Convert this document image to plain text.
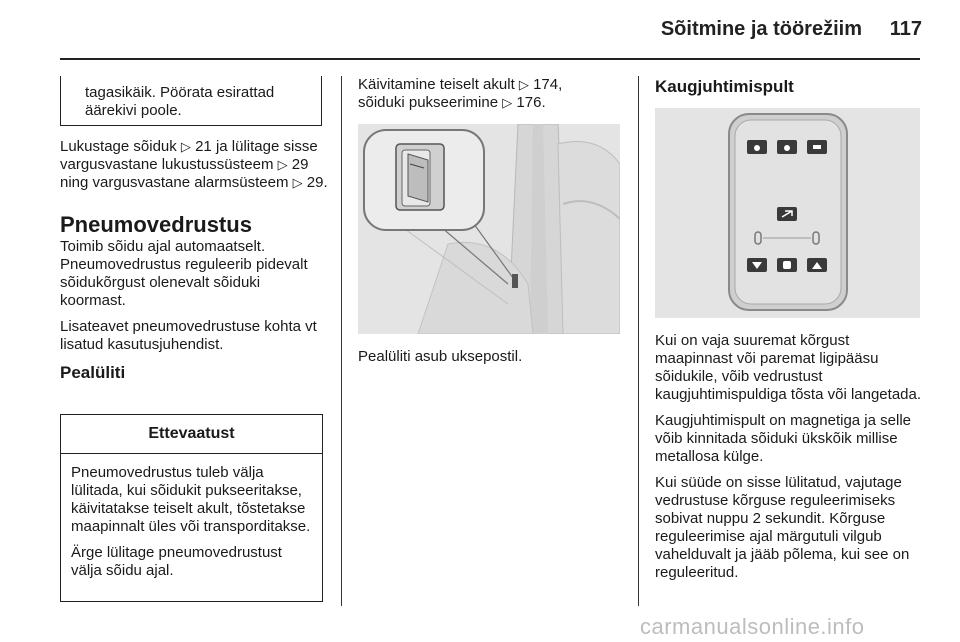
Sõitmine ja töörežiim	117
tagasikäik. Pöörata esirattad äärekivi poole.

Lukustage sõiduk ▷ 21 ja lülitage sisse vargusvastane lukustussüsteem ▷ 29 ning vargusvastane alarmsüsteem ▷ 29.

Pneumovedrustus
Toimib sõidu ajal automaatselt.

Pneumovedrustus reguleerib pidevalt sõidukõrgust olenevalt sõiduki koormast.

Lisateavet pneumovedrustuse kohta vt lisatud kasutusjuhendist.

Pealüliti
Ettevaatust

Pneumovedrustus tuleb välja lülitada, kui sõidukit pukseeritakse, käivitatakse teiselt akult, tõstetakse maapinnalt üles või transporditakse.

Ärge lülitage pneumovedrustust välja sõidu ajal.

Käivitamine teiselt akult ▷ 174,
sõiduki pukseerimine ▷ 176.

Pealüliti asub uksepostil.
Kaugjuhtimispult

Kui on vaja suuremat kõrgust maapinnast või paremat ligipääsu sõidukile, võib vedrustust kaugjuhtimispuldiga tõsta või langetada.

Kaugjuhtimispult on magnetiga ja selle võib kinnitada sõiduki ükskõik millise metallosa külge.

Kui süüde on sisse lülitatud, vajutage vedrustuse kõrguse reguleerimiseks sobivat nuppu 2 sekundit. Kõrguse reguleerimise ajal märgutuli vilgub vahelduvalt ja jääb põlema, kui see on reguleeritud.

carmanualsonline.info
